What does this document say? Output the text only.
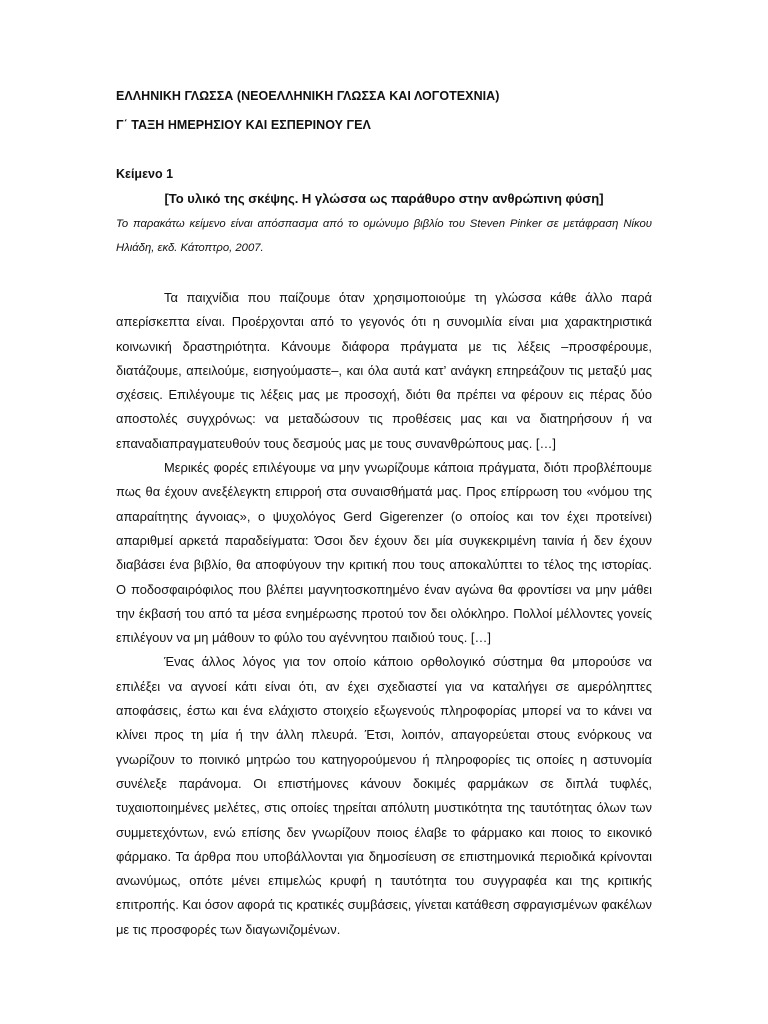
ΕΛΛΗΝΙΚΗ ΓΛΩΣΣΑ (ΝΕΟΕΛΛΗΝΙΚΗ ΓΛΩΣΣΑ ΚΑΙ ΛΟΓΟΤΕΧΝΙΑ)
Γ΄ ΤΑΞΗ ΗΜΕΡΗΣΙΟΥ ΚΑΙ ΕΣΠΕΡΙΝΟΥ ΓΕΛ
Κείμενο 1
[Το υλικό της σκέψης. Η γλώσσα ως παράθυρο στην ανθρώπινη φύση]

Το παρακάτω κείμενο είναι απόσπασμα από το ομώνυμο βιβλίο του Steven Pinker σε μετάφραση Νίκου Ηλιάδη, εκδ. Κάτοπτρο, 2007.

Τα παιχνίδια που παίζουμε όταν χρησιμοποιούμε τη γλώσσα κάθε άλλο παρά απερίσκεπτα είναι. Προέρχονται από το γεγονός ότι η συνομιλία είναι μια χαρακτηριστικά κοινωνική δραστηριότητα. Κάνουμε διάφορα πράγματα με τις λέξεις –προσφέρουμε, διατάζουμε, απειλούμε, εισηγούμαστε–, και όλα αυτά κατ’ ανάγκη επηρεάζουν τις μεταξύ μας σχέσεις. Επιλέγουμε τις λέξεις μας με προσοχή, διότι θα πρέπει να φέρουν εις πέρας δύο αποστολές συγχρόνως: να μεταδώσουν τις προθέσεις μας και να διατηρήσουν ή να επαναδιαπραγματευθούν τους δεσμούς μας με τους συνανθρώπους μας. […]

Μερικές φορές επιλέγουμε να μην γνωρίζουμε κάποια πράγματα, διότι προβλέπουμε πως θα έχουν ανεξέλεγκτη επιρροή στα συναισθήματά μας. Προς επίρρωση του «νόμου της απαραίτητης άγνοιας», ο ψυχολόγος Gerd Gigerenzer (ο οποίος και τον έχει προτείνει) απαριθμεί αρκετά παραδείγματα: Όσοι δεν έχουν δει μία συγκεκριμένη ταινία ή δεν έχουν διαβάσει ένα βιβλίο, θα αποφύγουν την κριτική που τους αποκαλύπτει το τέλος της ιστορίας. Ο ποδοσφαιρόφιλος που βλέπει μαγνητοσκοπημένο έναν αγώνα θα φροντίσει να μην μάθει την έκβασή του από τα μέσα ενημέρωσης προτού τον δει ολόκληρο. Πολλοί μέλλοντες γονείς επιλέγουν να μη μάθουν το φύλο του αγέννητου παιδιού τους. […]

Ένας άλλος λόγος για τον οποίο κάποιο ορθολογικό σύστημα θα μπορούσε να επιλέξει να αγνοεί κάτι είναι ότι, αν έχει σχεδιαστεί για να καταλήγει σε αμερόληπτες αποφάσεις, έστω και ένα ελάχιστο στοιχείο εξωγενούς πληροφορίας μπορεί να το κάνει να κλίνει προς τη μία ή την άλλη πλευρά. Έτσι, λοιπόν, απαγορεύεται στους ενόρκους να γνωρίζουν το ποινικό μητρώο του κατηγορούμενου ή πληροφορίες τις οποίες η αστυνομία συνέλεξε παράνομα. Οι επιστήμονες κάνουν δοκιμές φαρμάκων σε διπλά τυφλές, τυχαιοποιημένες μελέτες, στις οποίες τηρείται απόλυτη μυστικότητα της ταυτότητας όλων των συμμετεχόντων, ενώ επίσης δεν γνωρίζουν ποιος έλαβε το φάρμακο και ποιος το εικονικό φάρμακο. Τα άρθρα που υποβάλλονται για δημοσίευση σε επιστημονικά περιοδικά κρίνονται ανωνύμως, οπότε μένει επιμελώς κρυφή η ταυτότητα του συγγραφέα και της κριτικής επιτροπής. Και όσον αφορά τις κρατικές συμβάσεις, γίνεται κατάθεση σφραγισμένων φακέλων με τις προσφορές των διαγωνιζομένων.
